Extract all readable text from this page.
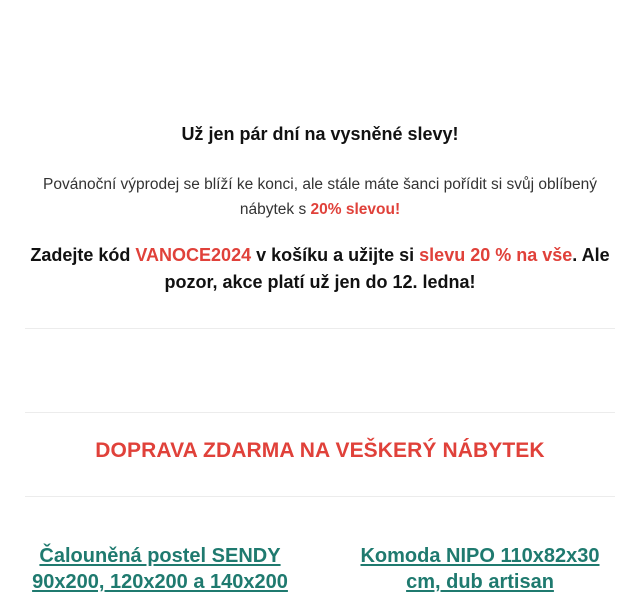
Už jen pár dní na vysněné slevy!
Povánoční výprodej se blíží ke konci, ale stále máte šanci pořídit si svůj oblíbený nábytek s 20% slevou!
Zadejte kód VANOCE2024 v košíku a užijte si slevu 20 % na vše. Ale pozor, akce platí už jen do 12. ledna!
DOPRAVA ZDARMA NA VEŠKERÝ NÁBYTEK
Čalouněná postel SENDY 90x200, 120x200 a 140x200
Komoda NIPO 110x82x30 cm, dub artisan
